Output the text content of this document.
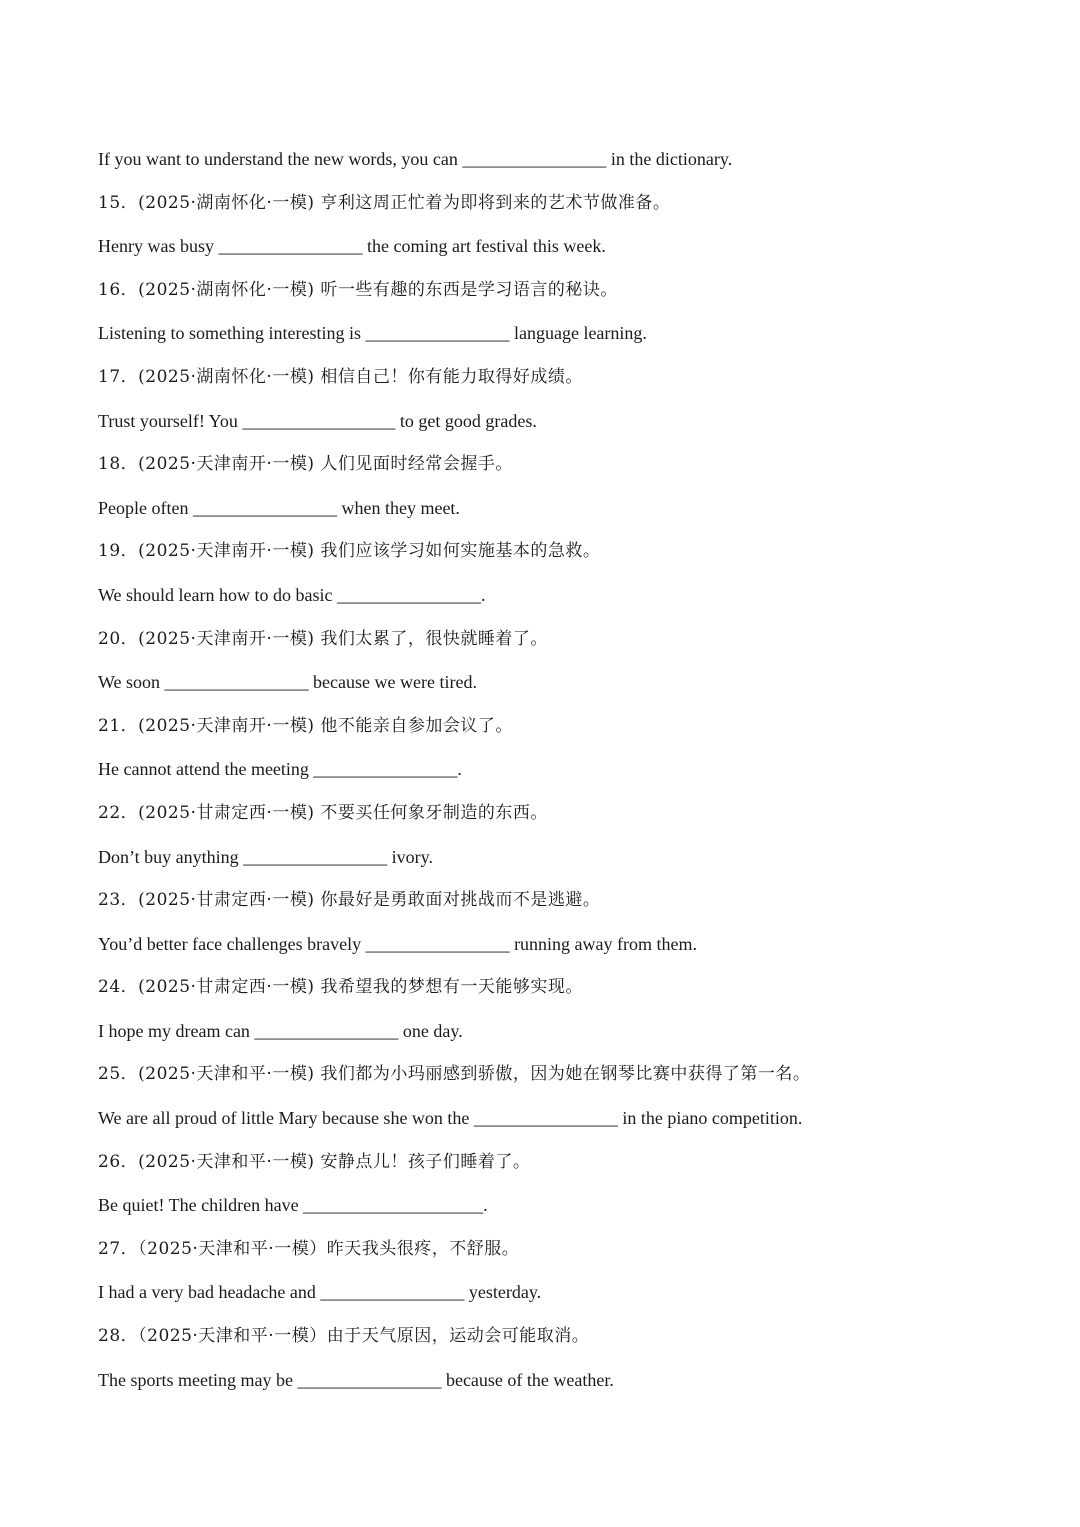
If you want to understand the new words, you can ________________ in the dictionary.
15．(2025·湖南怀化·一模) 亨利这周正忙着为即将到来的艺术节做准备。
Henry was busy ________________ the coming art festival this week.
16．(2025·湖南怀化·一模) 听一些有趣的东西是学习语言的秘诀。
Listening to something interesting is ________________ language learning.
17．(2025·湖南怀化·一模) 相信自己！你有能力取得好成绩。
Trust yourself! You _________________ to get good grades.
18．(2025·天津南开·一模) 人们见面时经常会握手。
People often ________________ when they meet.
19．(2025·天津南开·一模) 我们应该学习如何实施基本的急救。
We should learn how to do basic ________________.
20．(2025·天津南开·一模) 我们太累了，很快就睡着了。
We soon ________________ because we were tired.
21．(2025·天津南开·一模) 他不能亲自参加会议了。
He cannot attend the meeting ________________.
22．(2025·甘肃定西·一模) 不要买任何象牙制造的东西。
Don’t buy anything ________________ ivory.
23．(2025·甘肃定西·一模) 你最好是勇敢面对挑战而不是逃避。
You’d better face challenges bravely ________________ running away from them.
24．(2025·甘肃定西·一模) 我希望我的梦想有一天能够实现。
I hope my dream can ________________ one day.
25．(2025·天津和平·一模) 我们都为小玛丽感到骄傲，因为她在钢琴比赛中获得了第一名。
We are all proud of little Mary because she won the ________________ in the piano competition.
26．(2025·天津和平·一模) 安静点儿！孩子们睡着了。
Be quiet! The children have ____________________.
27．（2025·天津和平·一模）昨天我头很疼，不舒服。
I had a very bad headache and ________________ yesterday.
28．（2025·天津和平·一模）由于天气原因，运动会可能取消。
The sports meeting may be ________________ because of the weather.
